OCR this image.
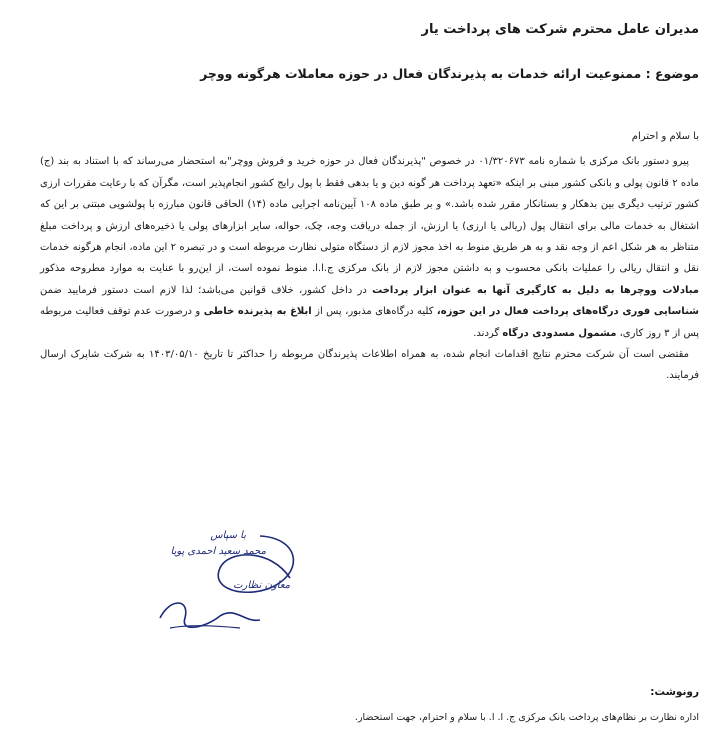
مدیران عامل محترم شرکت های پرداخت یار
موضوع : ممنوعیت ارائه خدمات به پذیرندگان فعال در حوزه معاملات هرگونه ووچر

با سلام و احترام

پیرو دستور بانک مرکزی با شماره نامه ۰۱/۳۲۰۶۷۳ در خصوص "پذیرندگان فعال در حوزه خرید و فروش ووچر"به استحضار می‌رساند که با استناد به بند (ج) ماده ۲ قانون پولی و بانکی کشور مبنی بر اینکه «تعهد پرداخت هر گونه دین و یا بدهی فقط با پول رایج کشور انجام‌پذیر است، مگرآن که با رعایت مقررات ارزی کشور ترتیب دیگری بین بدهکار و بستانکار مقرر شده باشد.» و بر طبق ماده ۱۰۸ آیین‌نامه اجرایی ماده (۱۴) الحاقی قانون مبارزه با پولشویی مبتنی بر این که اشتغال به خدمات مالی برای انتقال پول (ریالی یا ارزی) یا ارزش، از جمله دریافت وجه، چک، حواله، سایر ابزارهای پولی یا ذخیره‌های ارزش و پرداخت مبلغ متناظر به هر شکل اعم از وجه نقد و به هر طریق منوط به اخذ مجوز لازم از دستگاه متولی نظارت مربوطه است و در تبصره ۲ این ماده، انجام هرگونه خدمات نقل و انتقال ریالی را عملیات بانکی محسوب و به داشتن مجوز لازم از بانک مرکزی ج.ا.ا. منوط نموده است، از این‌رو با عنایت به موارد مطروحه مذکور مبادلات ووچرها به دلیل به کارگیری آنها به عنوان ابزار پرداخت در داخل کشور، خلاف قوانین می‌باشد؛ لذا لازم است دستور فرمایید ضمن شناسایی فوری درگاه‌های پرداخت فعال در این حوزه، کلیه درگاه‌های مذبور، پس از ابلاغ به پذیرنده خاطی و درصورت عدم توقف فعالیت مربوطه پس از ۳ روز کاری، مشمول مسدودی درگاه گردند.

مقتضی است آن شرکت محترم نتایج اقدامات انجام شده، به همراه اطلاعات پذیرندگان مربوطه را حداکثر تا تاریخ ۱۴۰۳/۰۵/۱۰ به شرکت شاپرک ارسال فرمایند.

با سپاس
محمد سعید احمدی پویا
معاون نظارت
رونوشت:
اداره نظارت بر نظام‌های پرداخت بانک مرکزی ج. ا. ا. با سلام و احترام، جهت استحضار.
